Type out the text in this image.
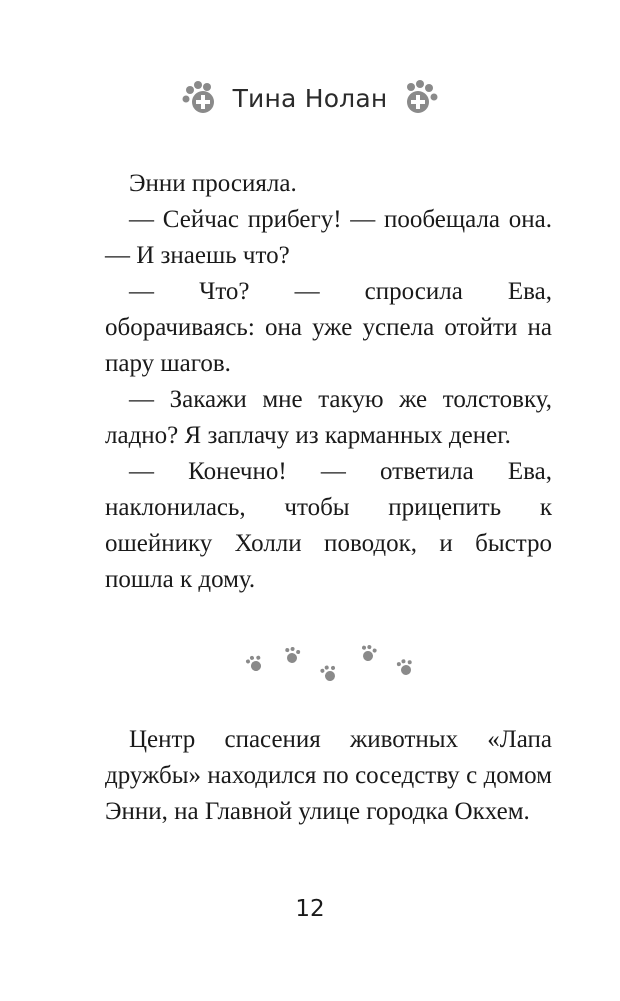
Тина Нолан

Энни просияла.

— Сейчас прибегу! — пообещала она. — И знаешь что?

— Что? — спросила Ева, оборачиваясь: она уже успела отойти на пару шагов.

— Закажи мне такую же толстовку, ладно? Я заплачу из карманных денег.

— Конечно! — ответила Ева, наклонилась, чтобы прицепить к ошейнику Холли поводок, и быстро пошла к дому.

Центр спасения животных «Лапа дружбы» находился по соседству с домом Энни, на Главной улице городка Окхем.

12
